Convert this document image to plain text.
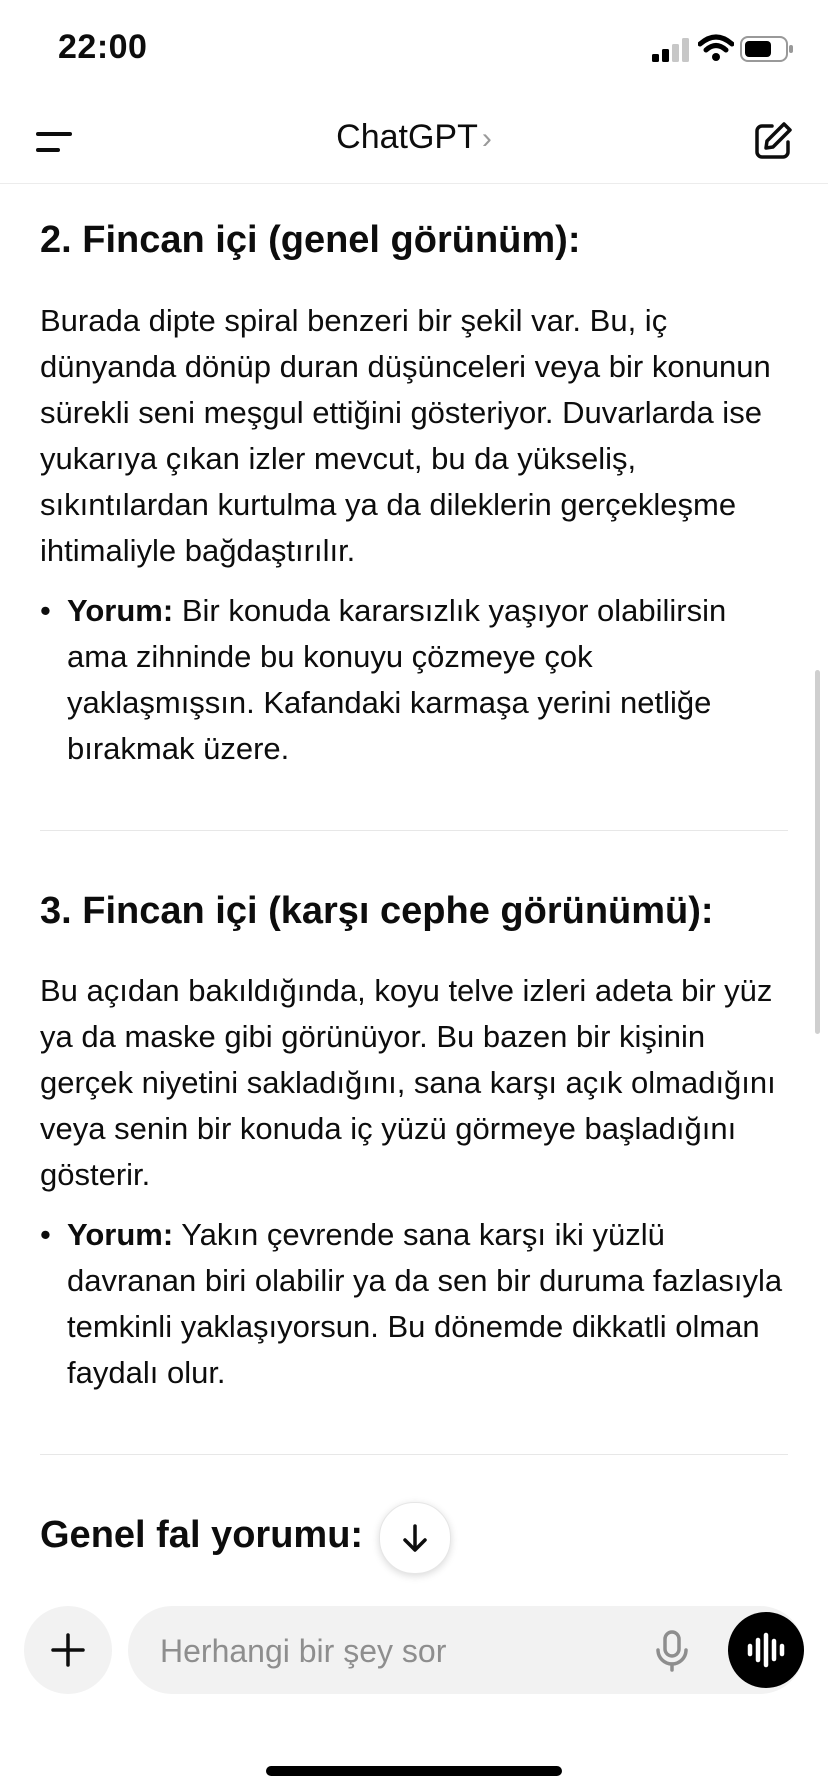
22:00
ChatGPT ›
2. Fincan içi (genel görünüm):

Burada dipte spiral benzeri bir şekil var. Bu, iç dünyanda dönüp duran düşünceleri veya bir konunun sürekli seni meşgul ettiğini gösteriyor. Duvarlarda ise yukarıya çıkan izler mevcut, bu da yükseliş, sıkıntılardan kurtulma ya da dileklerin gerçekleşme ihtimaliyle bağdaştırılır.

• Yorum: Bir konuda kararsızlık yaşıyor olabilirsin ama zihninde bu konuyu çözmeye çok yaklaşmışsın. Kafandaki karmaşa yerini netliğe bırakmak üzere.
3. Fincan içi (karşı cephe görünümü):

Bu açıdan bakıldığında, koyu telve izleri adeta bir yüz ya da maske gibi görünüyor. Bu bazen bir kişinin gerçek niyetini sakladığını, sana karşı açık olmadığını veya senin bir konuda iç yüzü görmeye başladığını gösterir.

• Yorum: Yakın çevrende sana karşı iki yüzlü davranan biri olabilir ya da sen bir duruma fazlasıyla temkinli yaklaşıyorsun. Bu dönemde dikkatli olman faydalı olur.
Genel fal yorumu:
Herhangi bir şey sor
